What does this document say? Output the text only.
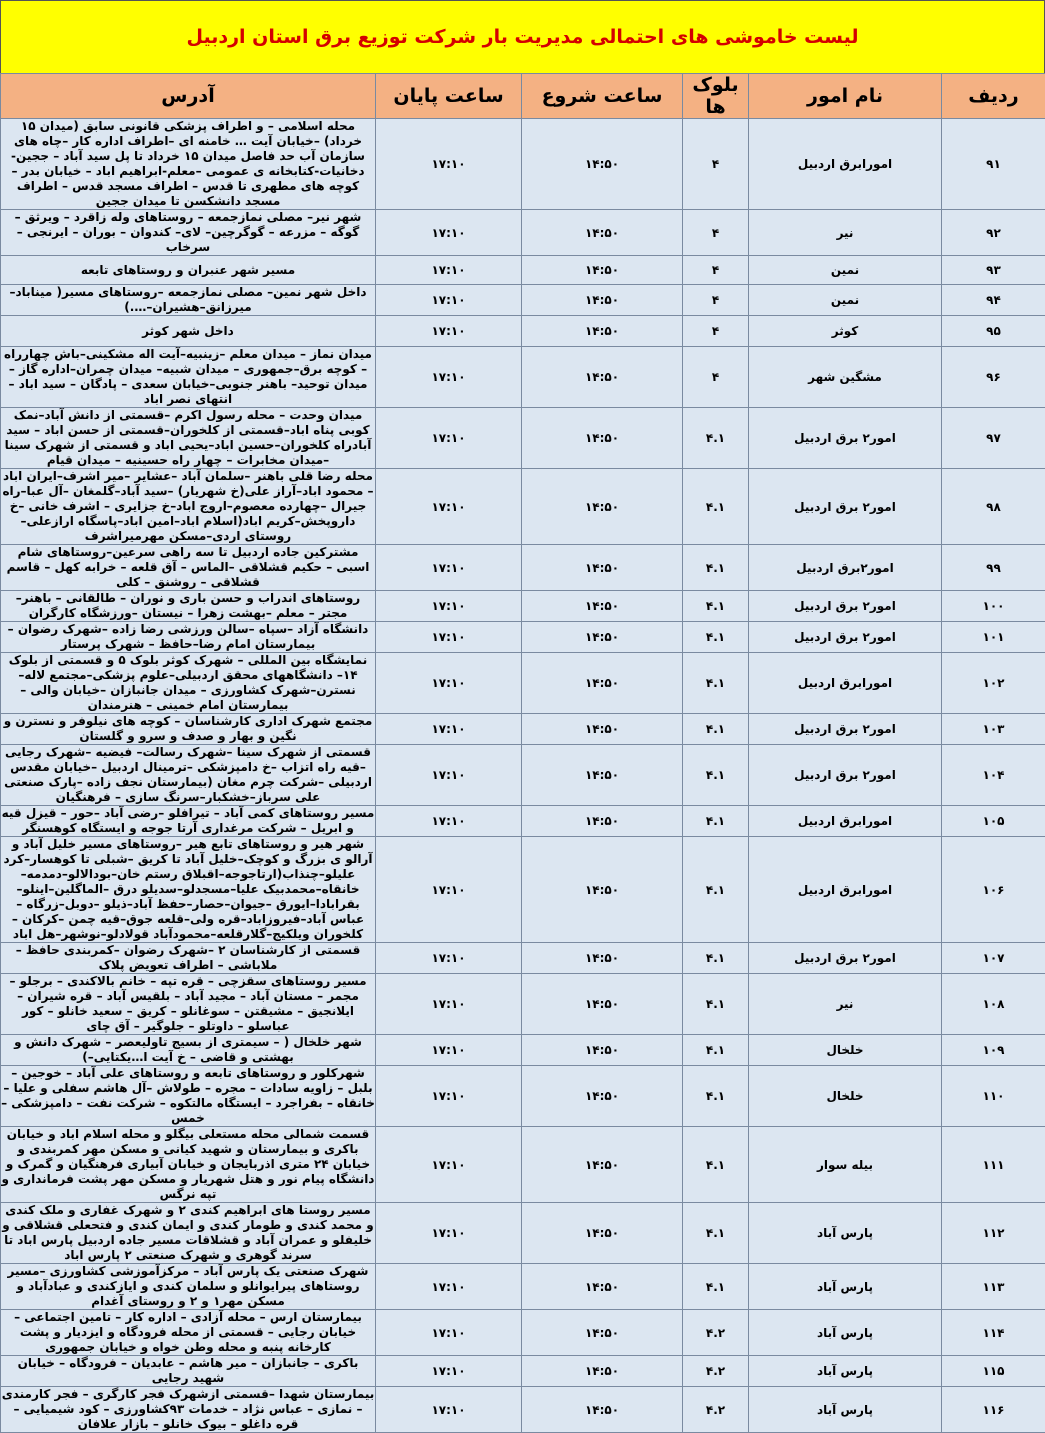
لیست خاموشی های احتمالی مدیریت بار شرکت توزیع برق استان اردبیل
ردیف	نام امور	بلوک ها	ساعت شروع	ساعت پایان	آدرس
۹۱	امورابرق اردبیل	۴	۱۴:۵۰	۱۷:۱۰	محله اسلامی – و اطراف پزشکی قانونی سابق (میدان ۱۵ خرداد) –خیابان آیت … خامنه ای –اطراف اداره کار –چاه های سازمان آب حد فاصل میدان ۱۵ خرداد تا پل سید آباد – ججین-دخانیات-کتابخانه ی عمومی –معلم-ابراهیم اباد – خیابان بدر – کوچه های مطهری تا قدس – اطراف مسجد قدس – اطراف مسجد دانشکسن تا میدان ججین
۹۲	نیر	۴	۱۴:۵۰	۱۷:۱۰	شهر نیر– مصلی نمازجمعه – روستاهای وله زاقرد – ویرثق – گوگه – مزرعه – گوگرچین– لای– کندوان – بوران – ایرنجی – سرخاب
۹۳	نمین	۴	۱۴:۵۰	۱۷:۱۰	مسیر شهر عنبران و روستاهای تابعه
۹۴	نمین	۴	۱۴:۵۰	۱۷:۱۰	داخل شهر نمین– مصلی نمازجمعه –روستاهای مسیر( میناباد–میرزانق–هشیران–….)
۹۵	کوثر	۴	۱۴:۵۰	۱۷:۱۰	داخل شهر کوثر
۹۶	مشگین شهر	۴	۱۴:۵۰	۱۷:۱۰	میدان نماز – میدان معلم –زینبیه–آیت اله مشکینی–باش چهارراه – کوچه برق–جمهوری – میدان شبیه– میدان چمران–اداره گاز – میدان توحید– باهنر جنوبی–خیابان سعدی – پادگان – سید اباد – انتهای نصر اباد
۹۷	امور۲ برق اردبیل	۴.۱	۱۴:۵۰	۱۷:۱۰	میدان وحدت – محله رسول اکرم –قسمتی از دانش آباد–نمک کوبی پناه اباد–قسمتی از کلخوران–قسمتی از حسن اباد – سید آبادراه کلخوران–حسین اباد–یحیی اباد و قسمتی از شهرک سینا –میدان مخابرات – چهار راه حسینیه – میدان قیام
۹۸	امور۲ برق اردبیل	۴.۱	۱۴:۵۰	۱۷:۱۰	محله رضا قلی باهنر –سلمان آباد –عشایر –میر اشرف–ایران اباد – محمود اباد–آراز علی(خ شهریار) –سید آباد–گلمغان –آل عبا–راه جیرال –چهارده معصوم–اروج اباد–خ جزایری – اشرف خانی –خ داروپخش–کریم اباد(اسلام اباد–امین اباد–پاسگاه ارازعلی–روستای اردی–مسکن مهرمیراشرف
۹۹	امور۲برق اردبیل	۴.۱	۱۴:۵۰	۱۷:۱۰	مشترکین جاده اردبیل تا سه راهی سرعین–روستاهای شام اسبی – حکیم قشلاقی –الماس – آق قلعه – خرابه کهل – قاسم قشلاقی – روشنق – کلی
۱۰۰	امور۲ برق اردبیل	۴.۱	۱۴:۵۰	۱۷:۱۰	روستاهای اندراب و حسن باری و نوران – طالقانی – باهنر– مجتر – معلم –بهشت زهرا – نیستان –ورزشگاه کارگران
۱۰۱	امور۲ برق اردبیل	۴.۱	۱۴:۵۰	۱۷:۱۰	دانشگاه آزاد –سپاه –سالن ورزشی رضا زاده –شهرک رضوان – بیمارستان امام رضا–حافظ – شهرک پرستار
۱۰۲	امورابرق اردبیل	۴.۱	۱۴:۵۰	۱۷:۱۰	نمایشگاه بین المللی – شهرک کوثر بلوک ۵ و قسمتی از بلوک ۱۴– دانشگاههای محقق اردبیلی–علوم پزشکی–مجتمع لاله–نسترن–شهرک کشاورزی – میدان جانبازان –خیابان والی – بیمارستان امام خمینی – هنرمندان
۱۰۳	امور۲ برق اردبیل	۴.۱	۱۴:۵۰	۱۷:۱۰	مجتمع شهرک اداری کارشناسان – کوچه های نیلوفر و نسترن و نگین و بهار و صدف و سرو و گلستان
۱۰۴	امور۲ برق اردبیل	۴.۱	۱۴:۵۰	۱۷:۱۰	قسمتی از شهرک سینا –شهرک رسالت– فیضیه –شهرک رجایی –قیه راه اتزاب –خ دامپزشکی –ترمینال اردبیل –خیابان مقدس اردبیلی –شرکت چرم مغان (بیمارستان نجف زاده –پارک صنعتی علی سرباز–خشکبار–سرنگ سازی – فرهنگیان
۱۰۵	امورابرق اردبیل	۴.۱	۱۴:۵۰	۱۷:۱۰	مسیر روستاهای کمی آباد – تیرافلو –رضی آباد –حور – قیزل قیه و ابریل – شرکت مرغداری آرتا جوجه و ایستگاه کوهسنگر
۱۰۶	امورابرق اردبیل	۴.۱	۱۴:۵۰	۱۷:۱۰	شهر هیر و روستاهای تابع هیر –روستاهای مسیر خلیل آباد و آرالو ی بزرگ و کوچک–خلیل آباد تا کریق –شبلی تا کوهسار–کرد علیلو–چنذاب(ارتاجوجه–اقبلاق رستم خان–بودالالو–دمدمه–خانقاه–محمدبیک علیا–مسجدلو–سدیلو درق –الماگلین–اینلو–بقرابادا–ایورق –جیوان–حصار–حفظ آباد–ذیلو –دوبل–زرگاه –عباس آباد–فیروزاباد–قره ولی–قلعه جوق–قیه چمن –کرکان –کلخوران ویلکیج–گلارقلعه–محمودآباد قولادلو–نوشهر–هل اباد
۱۰۷	امور۲ برق اردبیل	۴.۱	۱۴:۵۰	۱۷:۱۰	قسمتی از کارشناسان ۲ –شهرک رضوان –کمربندی حافظ –ملاباشی – اطراف تعویض پلاک
۱۰۸	نیر	۴.۱	۱۴:۵۰	۱۷:۱۰	مسیر روستاهای سقزچی – قره تپه – خانم بالاکندی – برجلو – مجمر – مستان آباد – مجید آباد – بلقیس آباد – قره شیران – ایلانجیق – مشیقتن – سوغانلو – کریق – سعید خانلو – کور عباسلو – داوتلو – جلوگیر – آق چای
۱۰۹	خلخال	۴.۱	۱۴:۵۰	۱۷:۱۰	شهر خلخال ( – سیمتری از بسیج تاولیعصر – شهرک دانش و بهشتی و قاضی – خ آیت ا…یکتایی–)
۱۱۰	خلخال	۴.۱	۱۴:۵۰	۱۷:۱۰	شهرکلور و روستاهای تابعه و روستاهای علی آباد – خوجین – بلبل – زاویه سادات – مجره – طولاش –آل هاشم سفلی و علیا – خانقاه – بفراجرد – ایستگاه مالتکوه – شرکت نفت – دامپزشکی – خمس
۱۱۱	بیله سوار	۴.۱	۱۴:۵۰	۱۷:۱۰	قسمت شمالی محله مستعلی بیگلو و محله اسلام اباد و خیابان باکری و بیمارستان و شهید کیانی و مسکن مهر کمربندی و خیابان ۲۴ متری اذربایجان و خیابان آبیاری فرهنگیان و گمرک و دانشگاه پیام نور و هتل شهریار و مسکن مهر پشت فرمانداری و تپه نرگس
۱۱۲	پارس آباد	۴.۱	۱۴:۵۰	۱۷:۱۰	مسیر روستا های ابراهیم کندی ۲ و شهرک غفاری و ملک کندی و محمد کندی و طومار کندی و ایمان کندی و فتحعلی قشلاقی و خلیفلو و عمران آباد و قشلاقات مسیر جاده اردبیل پارس اباد تا سرند گوهری و شهرک صنعتی ۲ پارس اباد
۱۱۳	پارس آباد	۴.۱	۱۴:۵۰	۱۷:۱۰	شهرک صنعتی یک پارس آباد – مرکزآموزشی کشاورزی –مسیر روستاهای پیرایوانلو و سلمان کندی و ایازکندی و عبادآباد و مسکن مهر۱ و ۲ و روستای آغدام
۱۱۴	پارس آباد	۴.۲	۱۴:۵۰	۱۷:۱۰	بیمارستان ارس – محله آزادی – اداره کار – تامین اجتماعی – خیابان رجایی – قسمتی از محله فرودگاه و ایزدیار و پشت کارخانه پنبه و محله وطن خواه و خیابان جمهوری
۱۱۵	پارس آباد	۴.۲	۱۴:۵۰	۱۷:۱۰	باکری – جانبازان – میر هاشم – عابدیان – فرودگاه – خیابان شهید رجایی
۱۱۶	پارس آباد	۴.۲	۱۴:۵۰	۱۷:۱۰	بیمارستان شهدا –قسمتی ازشهرک فجر کارگری – فجر کارمندی – نمازی – عباس نژاد – خدمات ۹۳کشاورزی – کود شیمیایی – قره داغلو – بیوک خانلو – بازار علافان
